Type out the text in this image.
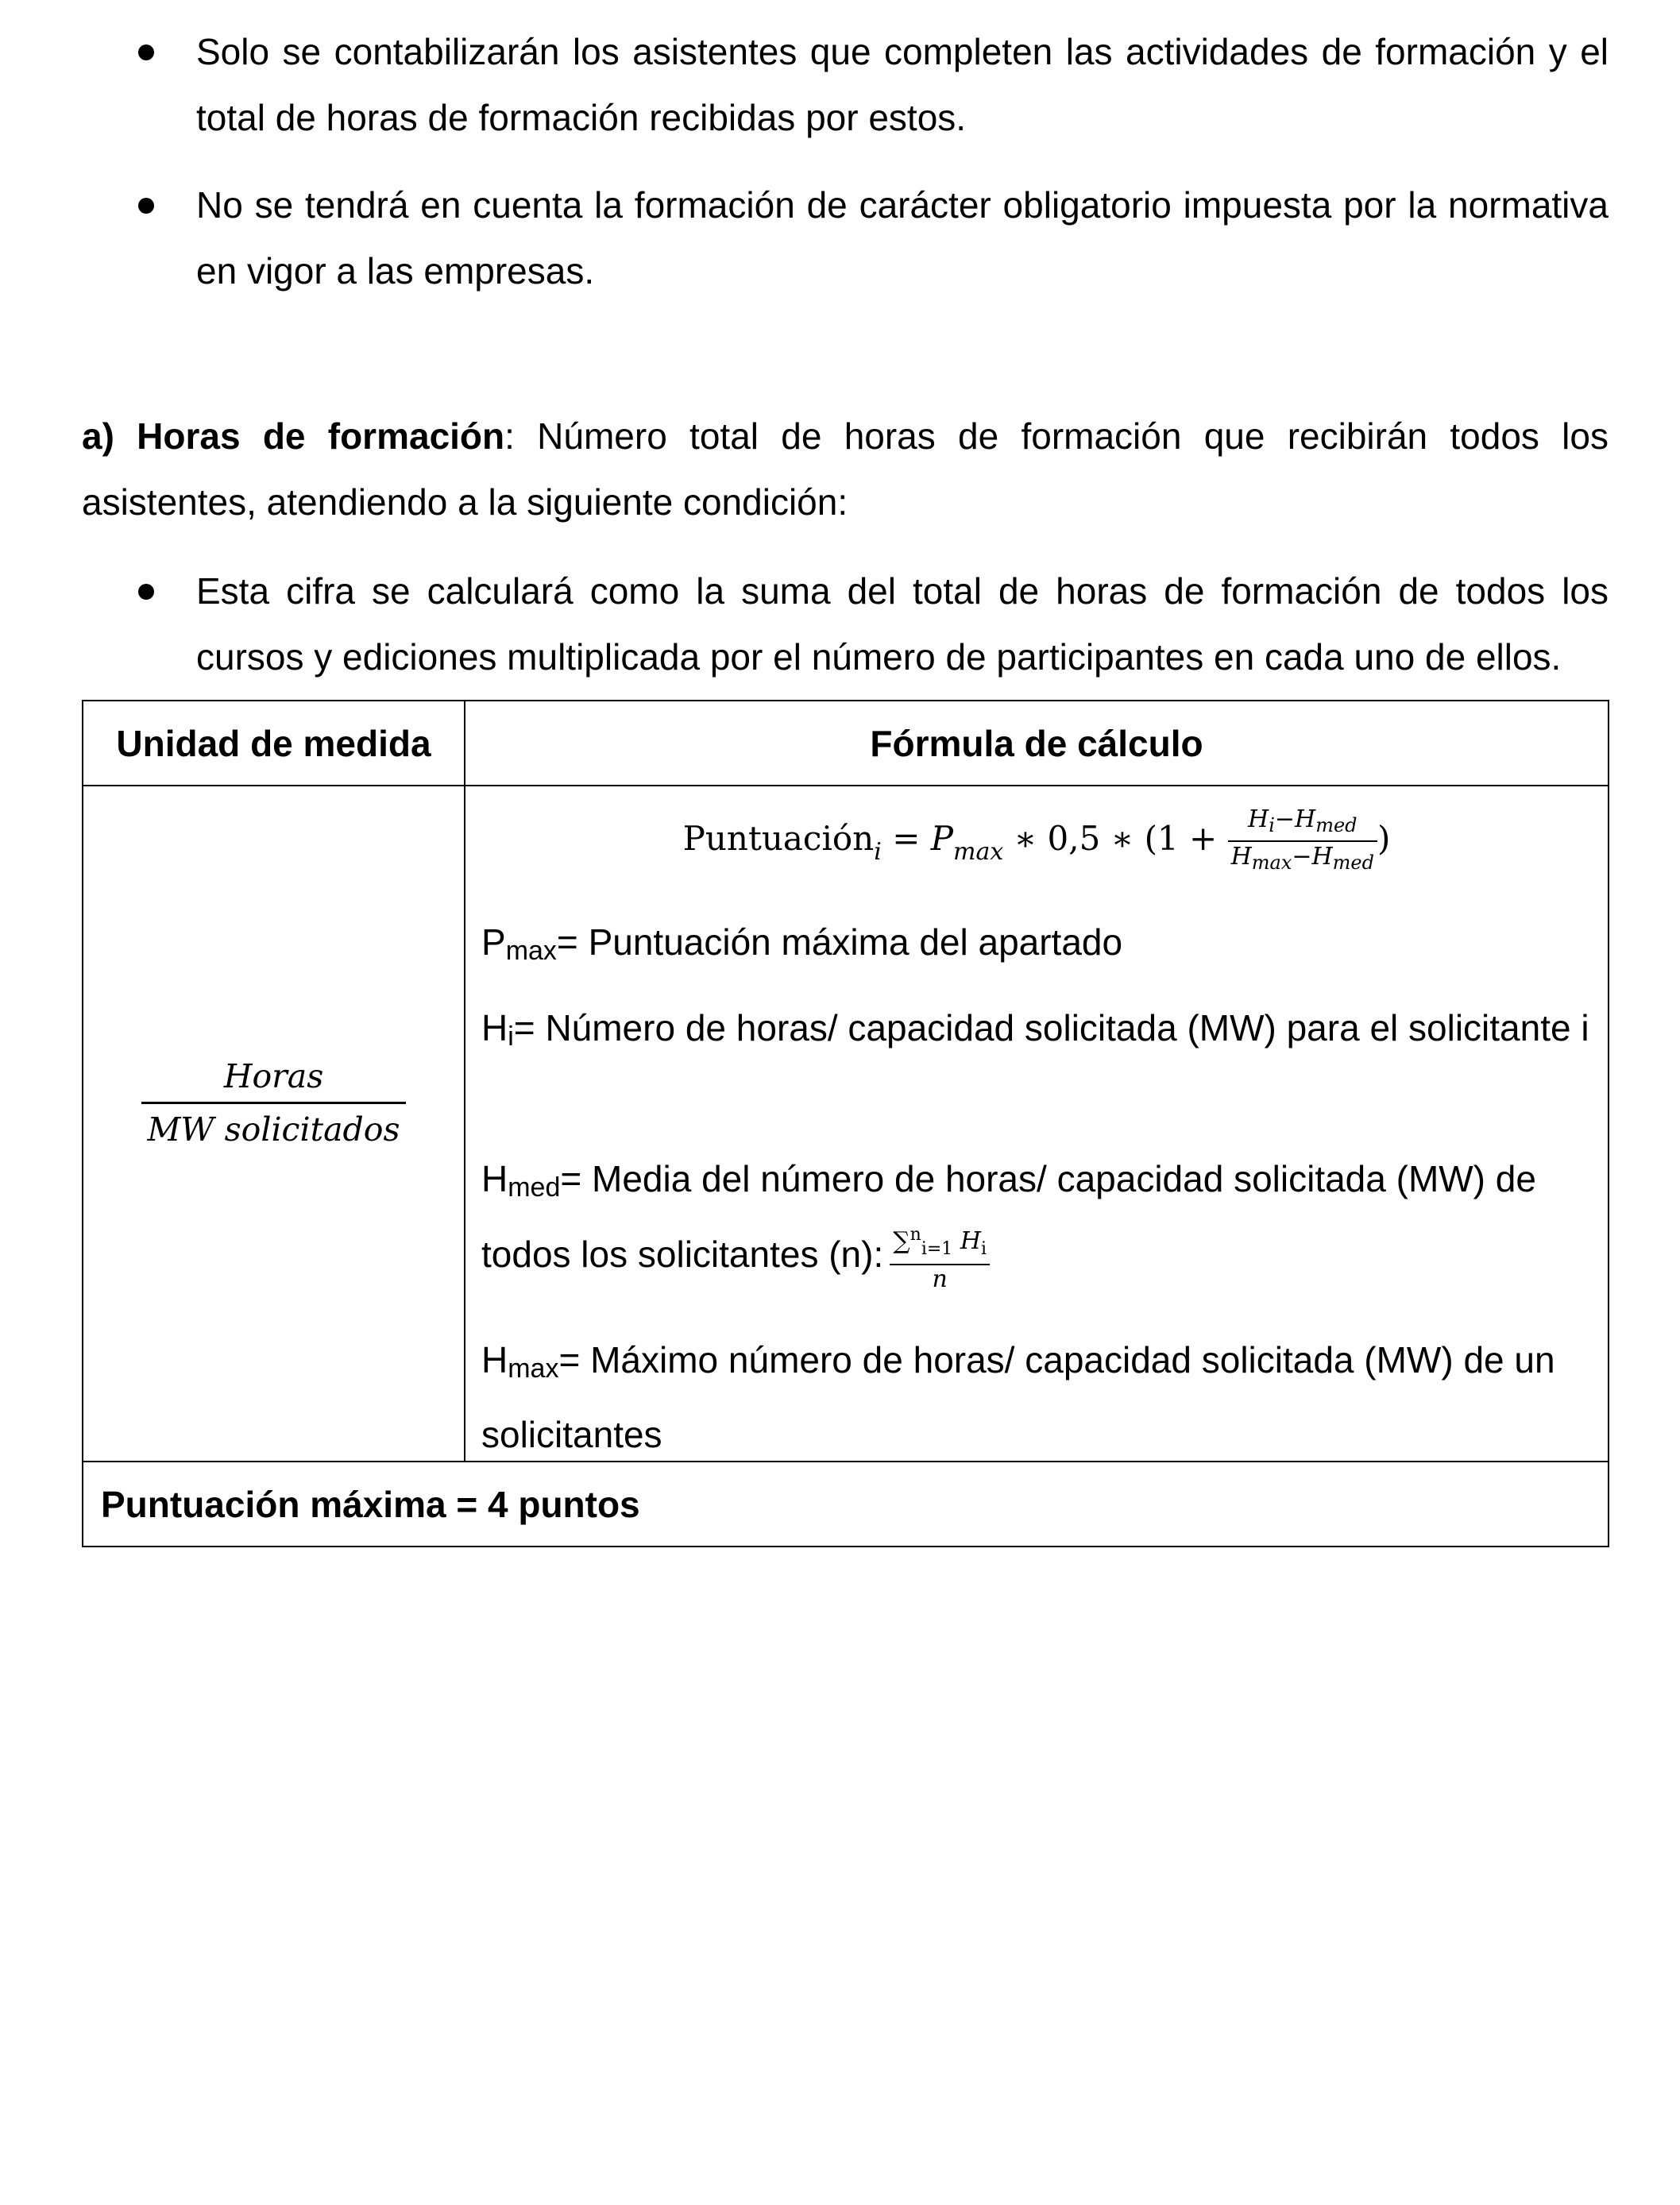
Solo se contabilizarán los asistentes que completen las actividades de formación y el total de horas de formación recibidas por estos.
No se tendrá en cuenta la formación de carácter obligatorio impuesta por la normativa en vigor a las empresas.

a) Horas de formación: Número total de horas de formación que recibirán todos los asistentes, atendiendo a la siguiente condición:

Esta cifra se calculará como la suma del total de horas de formación de todos los cursos y ediciones multiplicada por el número de participantes en cada uno de ellos.
Unidad de medida	Fórmula de cálculo
Horas
MW solicitados
Puntuación$_i$ = $P_{max}$ ∗ 0,5 ∗ ($1 + \frac{H_i-H_{med}}{H_{max}-H_{med}}$ )
Pmax= Puntuación máxima del apartado
Hi= Número de horas/ capacidad solicitada (MW) para el solicitante i
Hmed= Media del número de horas/ capacidad solicitada (MW) de todos los solicitantes (n): $\frac{\sum^n_{i=1} H_i}{n}$
Hmax= Máximo número de horas/ capacidad solicitada (MW) de un solicitantes
Puntuación máxima = 4 puntos
